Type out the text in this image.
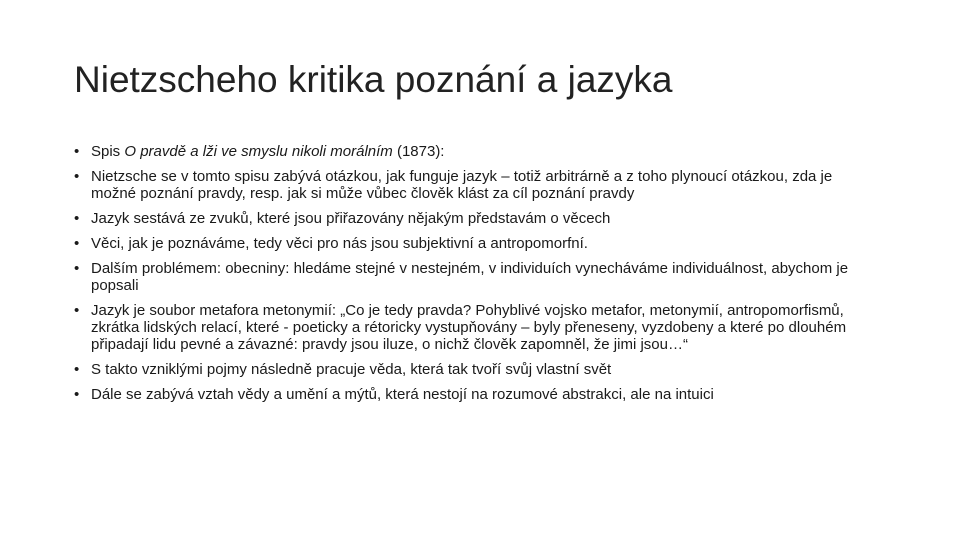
Nietzscheho kritika poznání a jazyka
• Spis O pravdě a lži ve smyslu nikoli morálním (1873):
• Nietzsche se v tomto spisu zabývá otázkou, jak funguje jazyk – totiž arbitrárně a z toho plynoucí otázkou, zda je možné poznání pravdy, resp. jak si může vůbec člověk klást za cíl poznání pravdy
• Jazyk sestává ze zvuků, které jsou přiřazovány nějakým představám o věcech
• Věci, jak je poznáváme, tedy věci pro nás jsou subjektivní a antropomorfní.
• Dalším problémem: obecniny: hledáme stejné v nestejném, v individuích vynecháváme individuálnost, abychom je popsali
• Jazyk je soubor metafora metonymií: „Co je tedy pravda? Pohyblivé vojsko metafor, metonymií, antropomorfismů, zkrátka lidských relací, které - poeticky a rétoricky vystupňovány – byly přeneseny, vyzdobeny a které po dlouhém připadají lidu pevné a závazné: pravdy jsou iluze, o nichž člověk zapomněl, že jimi jsou…“
• S takto vzniklými pojmy následně pracuje věda, která tak tvoří svůj vlastní svět
• Dále se zabývá vztah vědy a umění a mýtů, která nestojí na rozumové abstrakci, ale na intuici
